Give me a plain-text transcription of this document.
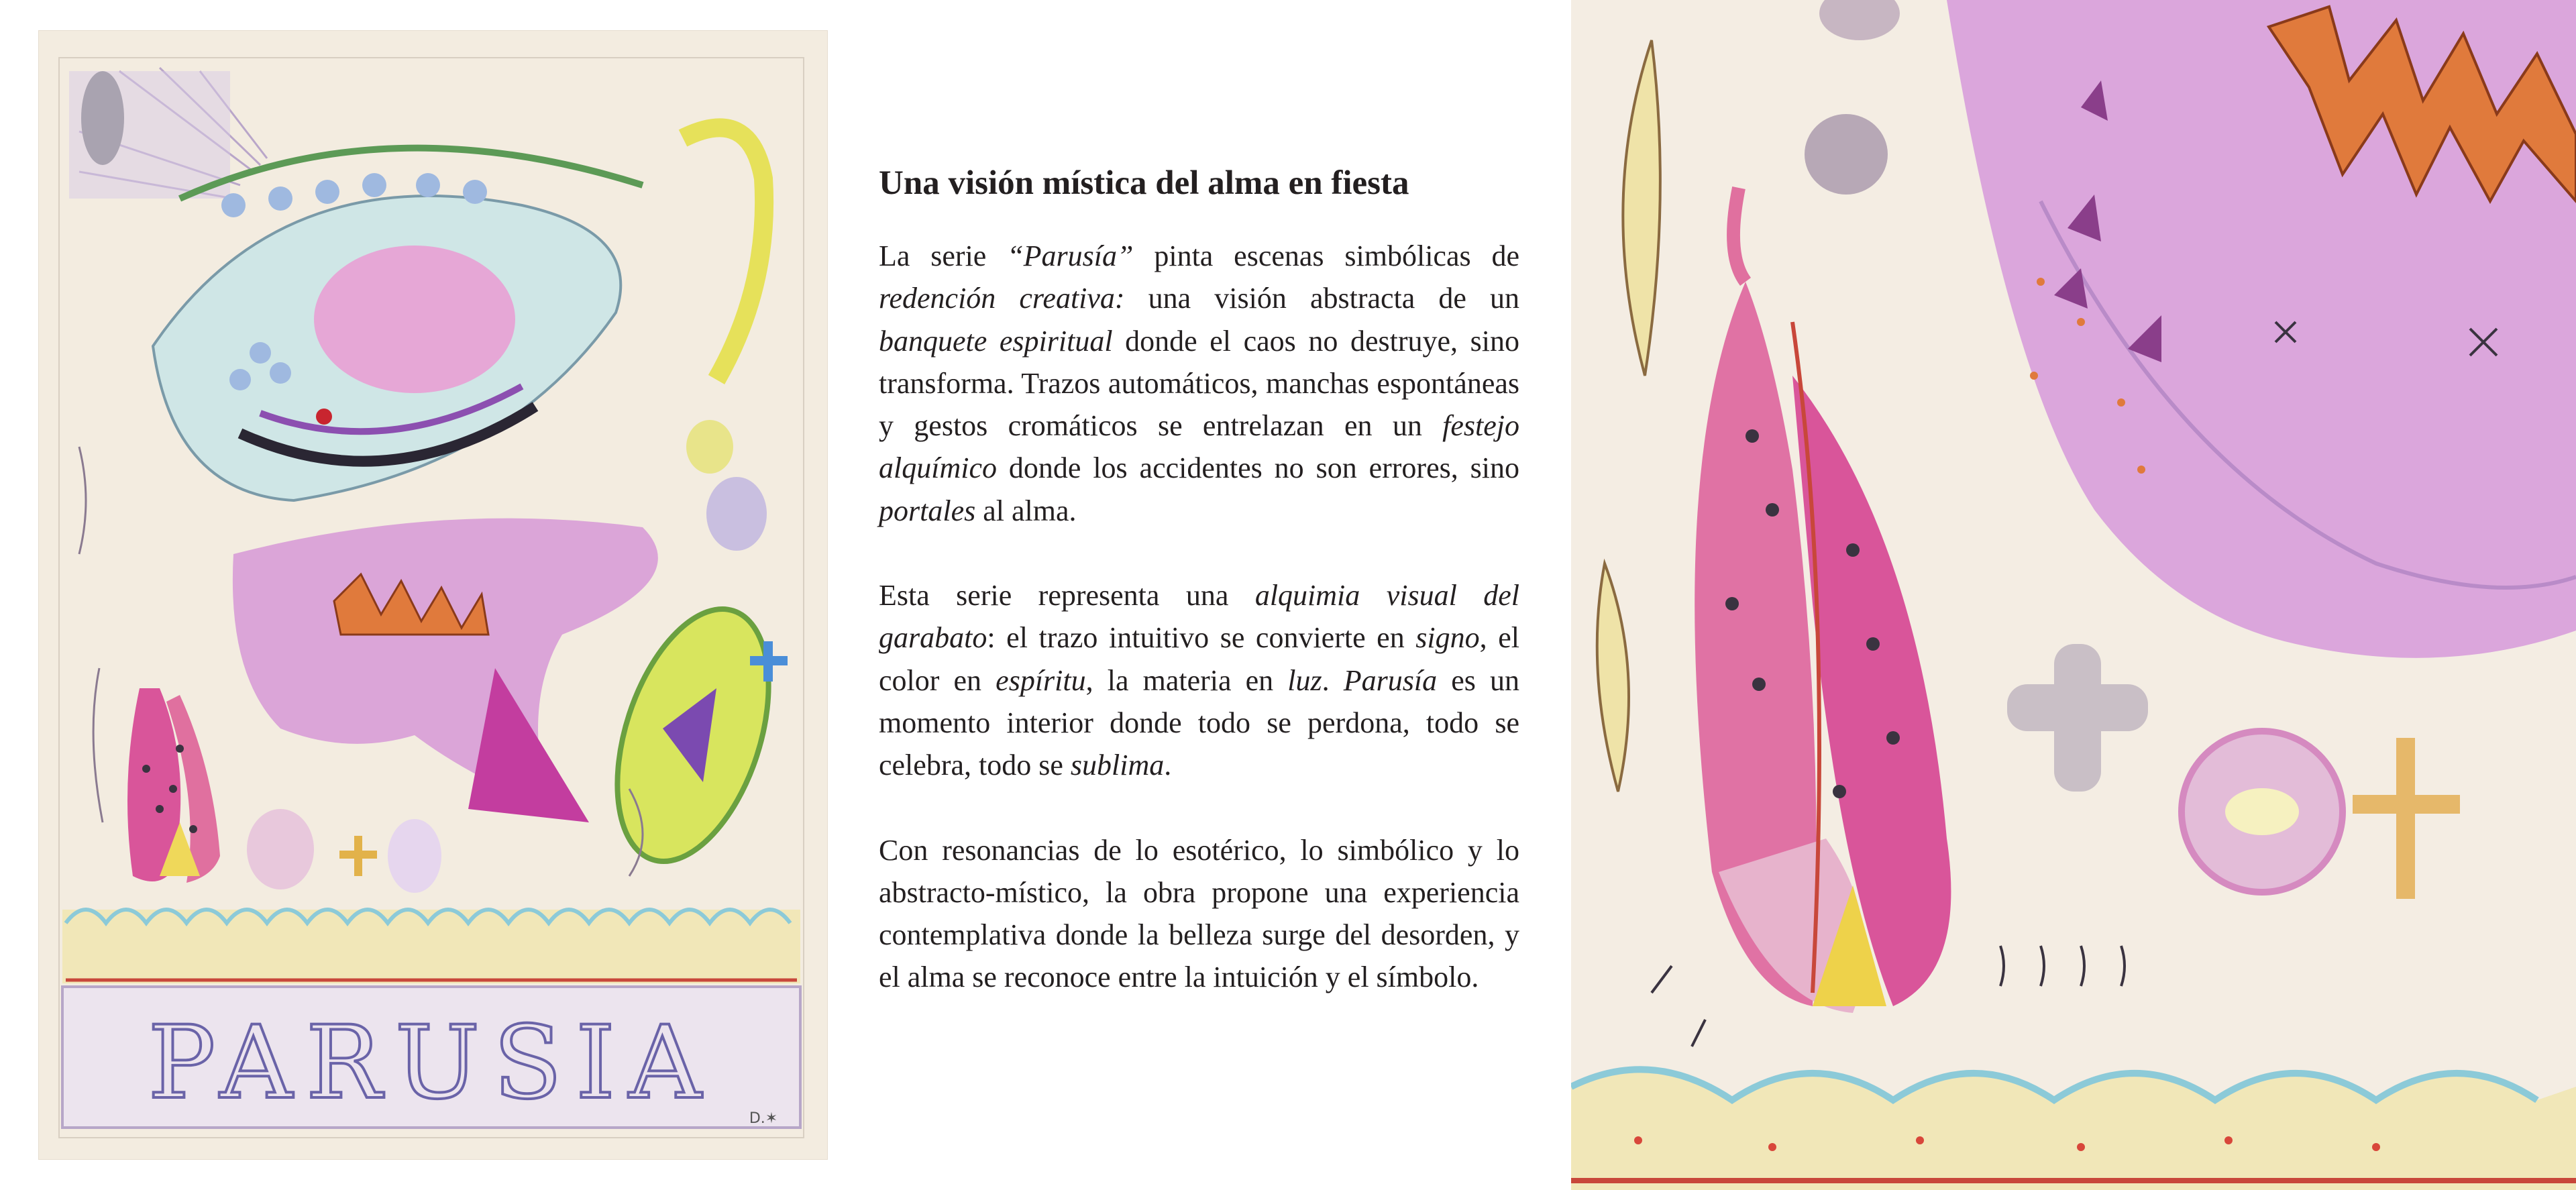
PARUSIA D.✶
Una visión mística del alma en fiesta

La serie “Parusía” pinta escenas simbólicas de redención creativa: una visión abstracta de un banquete espiritual donde el caos no destruye, sino transforma. Trazos automáticos, manchas espontáneas y gestos cromáticos se entrelazan en un festejo alquímico donde los accidentes no son errores, sino portales al alma.

Esta serie representa una alquimia visual del garabato: el trazo intuitivo se convierte en signo, el color en espíritu, la materia en luz. Parusía es un momento interior donde todo se perdona, todo se celebra, todo se sublima.

Con resonancias de lo esotérico, lo simbólico y lo abstracto-místico, la obra propone una experiencia contemplativa donde la belleza surge del desorden, y el alma se reconoce entre la intuición y el símbolo.
